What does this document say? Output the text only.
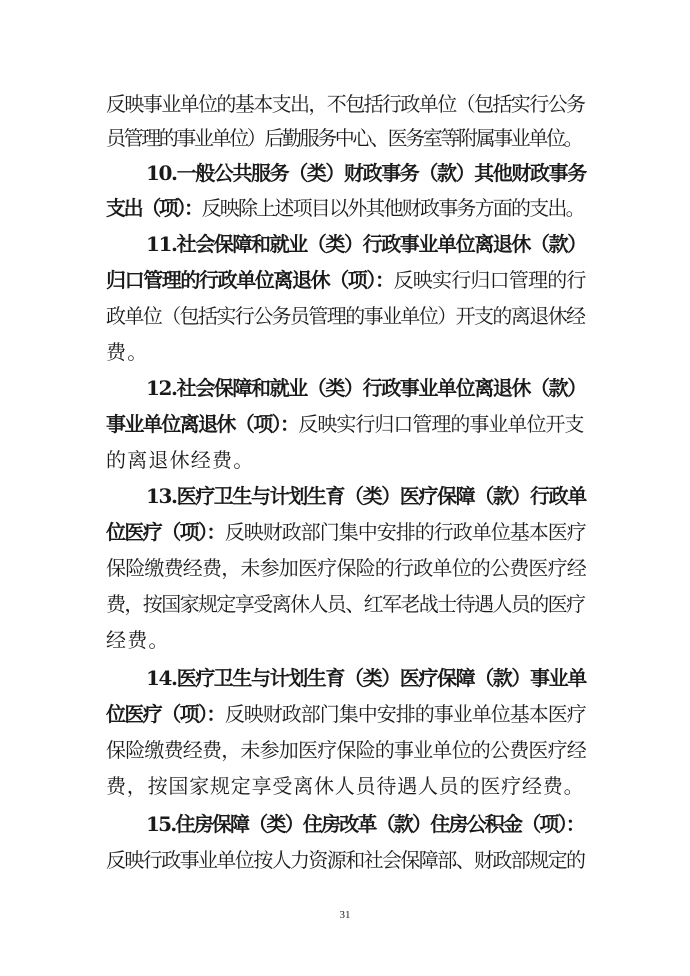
反映事业单位的基本支出，不包括行政单位（包括实行公务
员管理的事业单位）后勤服务中心、医务室等附属事业单位。
10.一般公共服务（类）财政事务（款）其他财政事务
支出（项）：反映除上述项目以外其他财政事务方面的支出。
11.社会保障和就业（类）行政事业单位离退休（款）
归口管理的行政单位离退休（项）：反映实行归口管理的行
政单位（包括实行公务员管理的事业单位）开支的离退休经
费。
12.社会保障和就业（类）行政事业单位离退休（款）
事业单位离退休（项）：反映实行归口管理的事业单位开支
的离退休经费。
13.医疗卫生与计划生育（类）医疗保障（款）行政单
位医疗（项）：反映财政部门集中安排的行政单位基本医疗
保险缴费经费，未参加医疗保险的行政单位的公费医疗经
费，按国家规定享受离休人员、红军老战士待遇人员的医疗
经费。
14.医疗卫生与计划生育（类）医疗保障（款）事业单
位医疗（项）：反映财政部门集中安排的事业单位基本医疗
保险缴费经费，未参加医疗保险的事业单位的公费医疗经
费，按国家规定享受离休人员待遇人员的医疗经费。
15.住房保障（类）住房改革（款）住房公积金（项）：
反映行政事业单位按人力资源和社会保障部、财政部规定的
31
